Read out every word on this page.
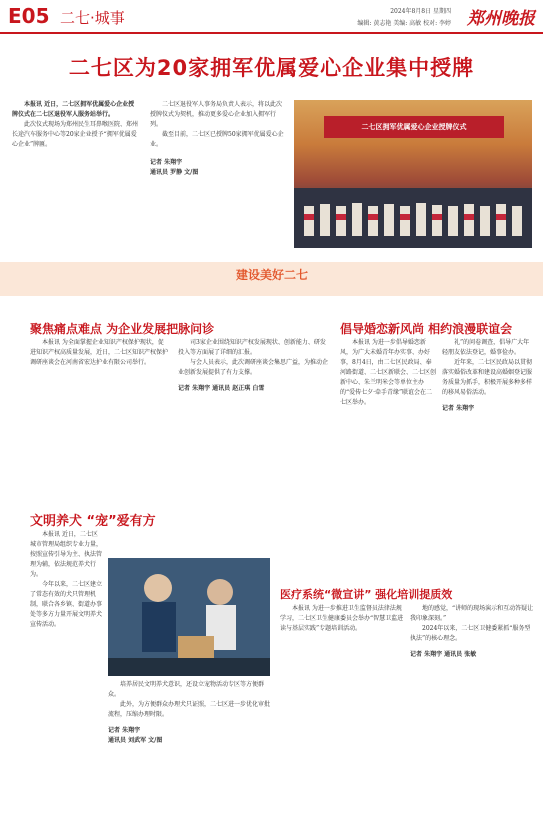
E05 二七·城事	2024年8月8日 星期四
编辑: 黄志艳 美编: 高敏 校对: 李婷 郑州晚报
二七区为20家拥军优属爱心企业集中授牌

本报讯 近日，二七区拥军优属爱心企业授牌仪式在二七区退役军人服务站举行。

此次仪式现场为郑州民生耳鼻喉医院、郑州长途汽车服务中心等20家企业授予“拥军优属爱心企业”牌匾。

二七区退役军人事务局负责人表示，将以此次授牌仪式为契机，推动更多爱心企业加入拥军行列。

截至目前，二七区已授牌50家拥军优属爱心企业。

记者 朱翔宇

通讯员 罗静 文/图

二七区拥军优属爱心企业授牌仪式
建设美好二七
聚焦痛点难点 为企业发展把脉问诊

本报讯 为全面掌握企业知识产权保护现状，促进知识产权高质量发展，近日，二七区知识产权保护调研座谈会在河南省宏达护业有限公司举行。

司3家企业围绕知识产权发展现状、创新能力、研发投入等方面展了详细的汇报。

与会人员表示，此次调研座谈会集思广益，为推动企业创新发展提供了有力支撑。

记者 朱翔宇 通讯员 赵正琪 白雪

倡导婚恋新风尚 相约浪漫联谊会

本报讯 为进一步倡导婚恋新风，为广大未婚青年办实事、办好事，8月4日，由二七区民政局、奉河路街道、二七区新联会、二七区创新中心、朱兰明米会等单位主办的“爱传七夕·牵手青缘”联谊会在二七区举办。

礼”的问卷调查，倡导广大年轻朋友依法登记，婚事俭办。

近年来，二七区民政局以贯彻落实婚俗改革和建设高婚姻登记服务质量为抓手，积极开展多种多样的移风易俗活动。

记者 朱翔宇

文明养犬 “宠”爱有方

本报讯 近日，二七区城市管理局组织专业力量，按照宣传引导为主、执法管理为辅，依法规范养犬行为。

今年以来，二七区建立了常态有效的犬只管理机制，联合各乡镇、街道办事处等多方力量开展文明养犬宣传活动。

培养居民文明养犬意识，还设立宠物活动专区等方便群众。

此外，为方便群众办理犬只证照，二七区进一步优化审批流程，压缩办理时限。

记者 朱翔宇

通讯员 刘武军 文/图

医疗系统“微宣讲” 强化培训提质效

本报讯 为进一步推进卫生监督员法律法规学习，二七区卫生健康委员会举办“智慧卫监进读与基层实践”专题培训活动。

地的感觉，“讲师的现场演示和互动答疑让我印象深刻。”

2024年以来，二七区卫健委紧抓“服务型执法”的核心理念。

记者 朱翔宇 通讯员 张敏
